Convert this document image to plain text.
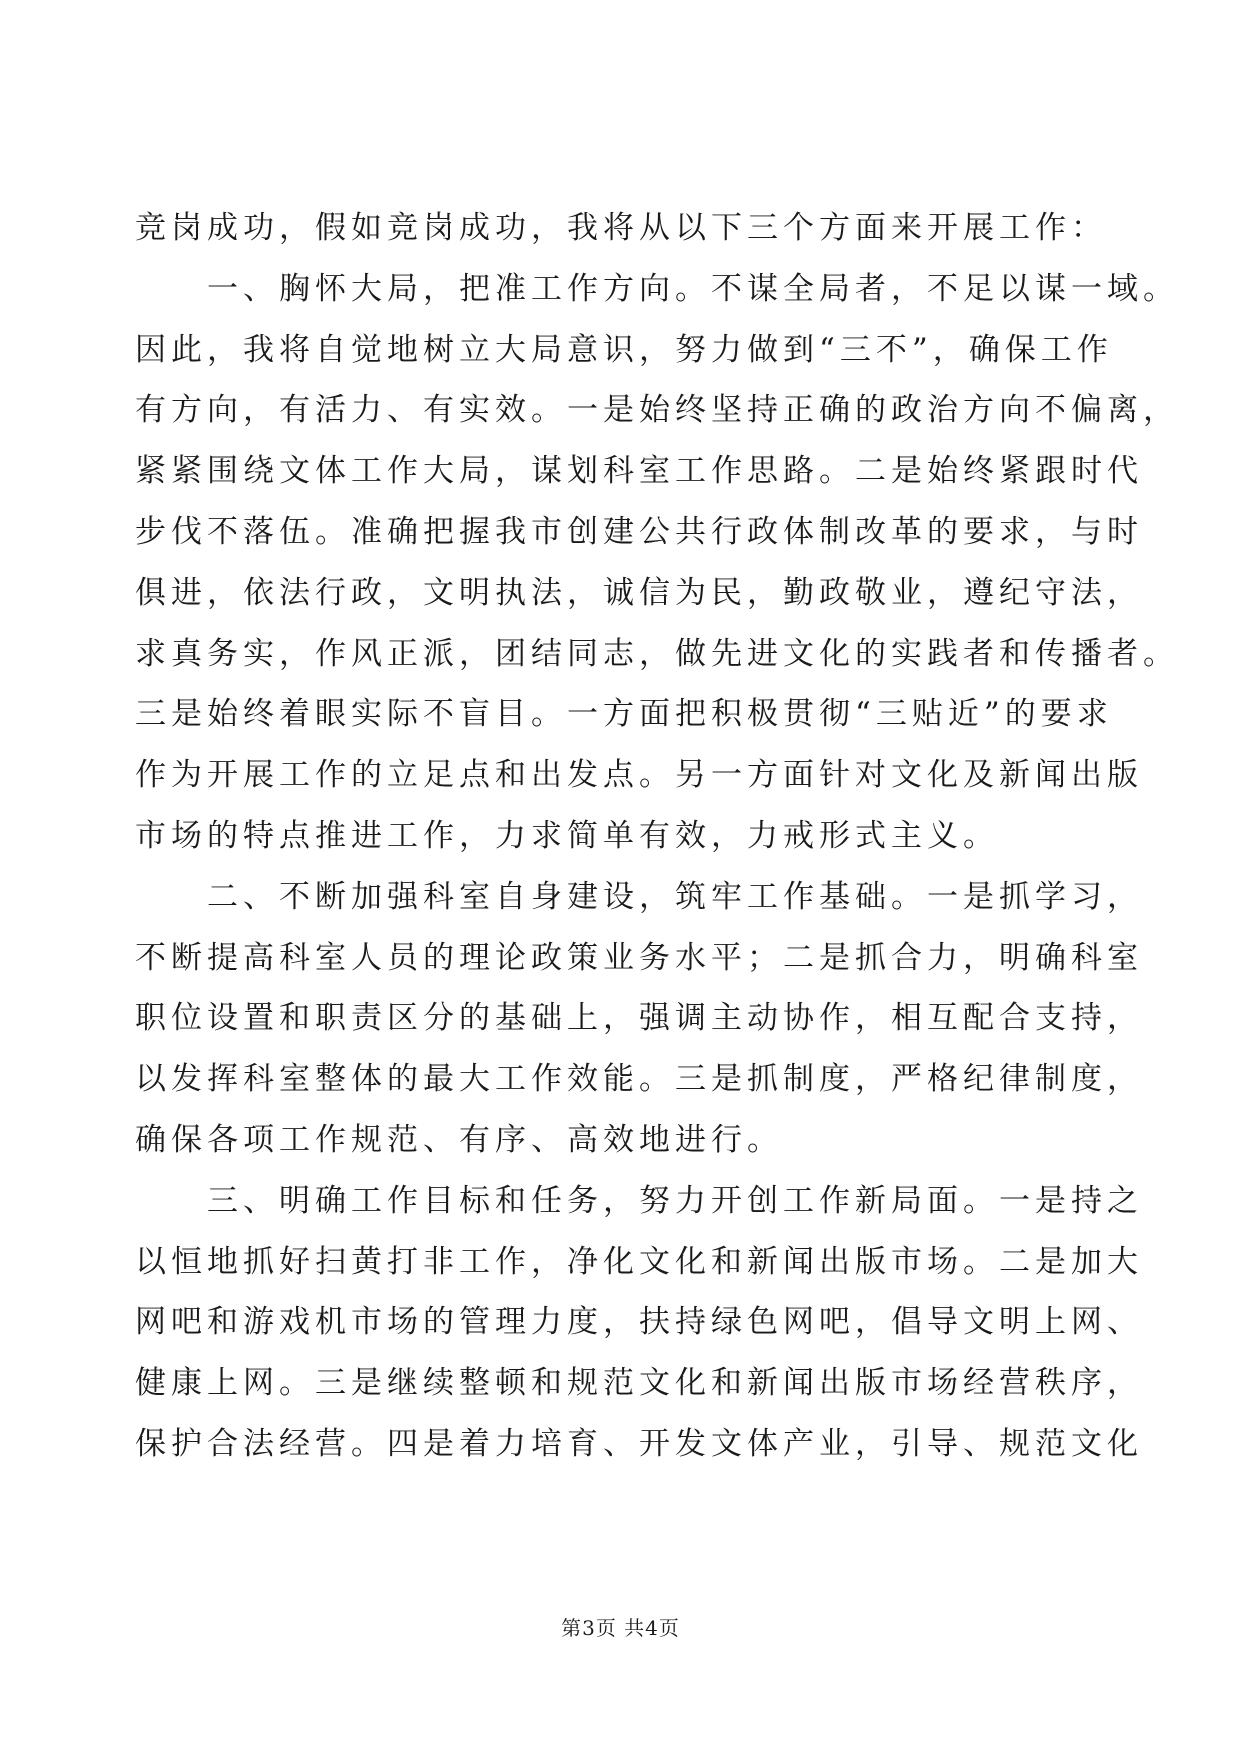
竞岗成功，假如竞岗成功，我将从以下三个方面来开展工作：
一、胸怀大局，把准工作方向。不谋全局者，不足以谋一域。
因此，我将自觉地树立大局意识，努力做到“三不”，确保工作
有方向，有活力、有实效。一是始终坚持正确的政治方向不偏离，
紧紧围绕文体工作大局，谋划科室工作思路。二是始终紧跟时代
步伐不落伍。准确把握我市创建公共行政体制改革的要求，与时
俱进，依法行政，文明执法，诚信为民，勤政敬业，遵纪守法，
求真务实，作风正派，团结同志，做先进文化的实践者和传播者。
三是始终着眼实际不盲目。一方面把积极贯彻“三贴近”的要求
作为开展工作的立足点和出发点。另一方面针对文化及新闻出版
市场的特点推进工作，力求简单有效，力戒形式主义。
二、不断加强科室自身建设，筑牢工作基础。一是抓学习，
不断提高科室人员的理论政策业务水平；二是抓合力，明确科室
职位设置和职责区分的基础上，强调主动协作，相互配合支持，
以发挥科室整体的最大工作效能。三是抓制度，严格纪律制度，
确保各项工作规范、有序、高效地进行。
三、明确工作目标和任务，努力开创工作新局面。一是持之
以恒地抓好扫黄打非工作，净化文化和新闻出版市场。二是加大
网吧和游戏机市场的管理力度，扶持绿色网吧，倡导文明上网、
健康上网。三是继续整顿和规范文化和新闻出版市场经营秩序，
保护合法经营。四是着力培育、开发文体产业，引导、规范文化
第3页 共4页
